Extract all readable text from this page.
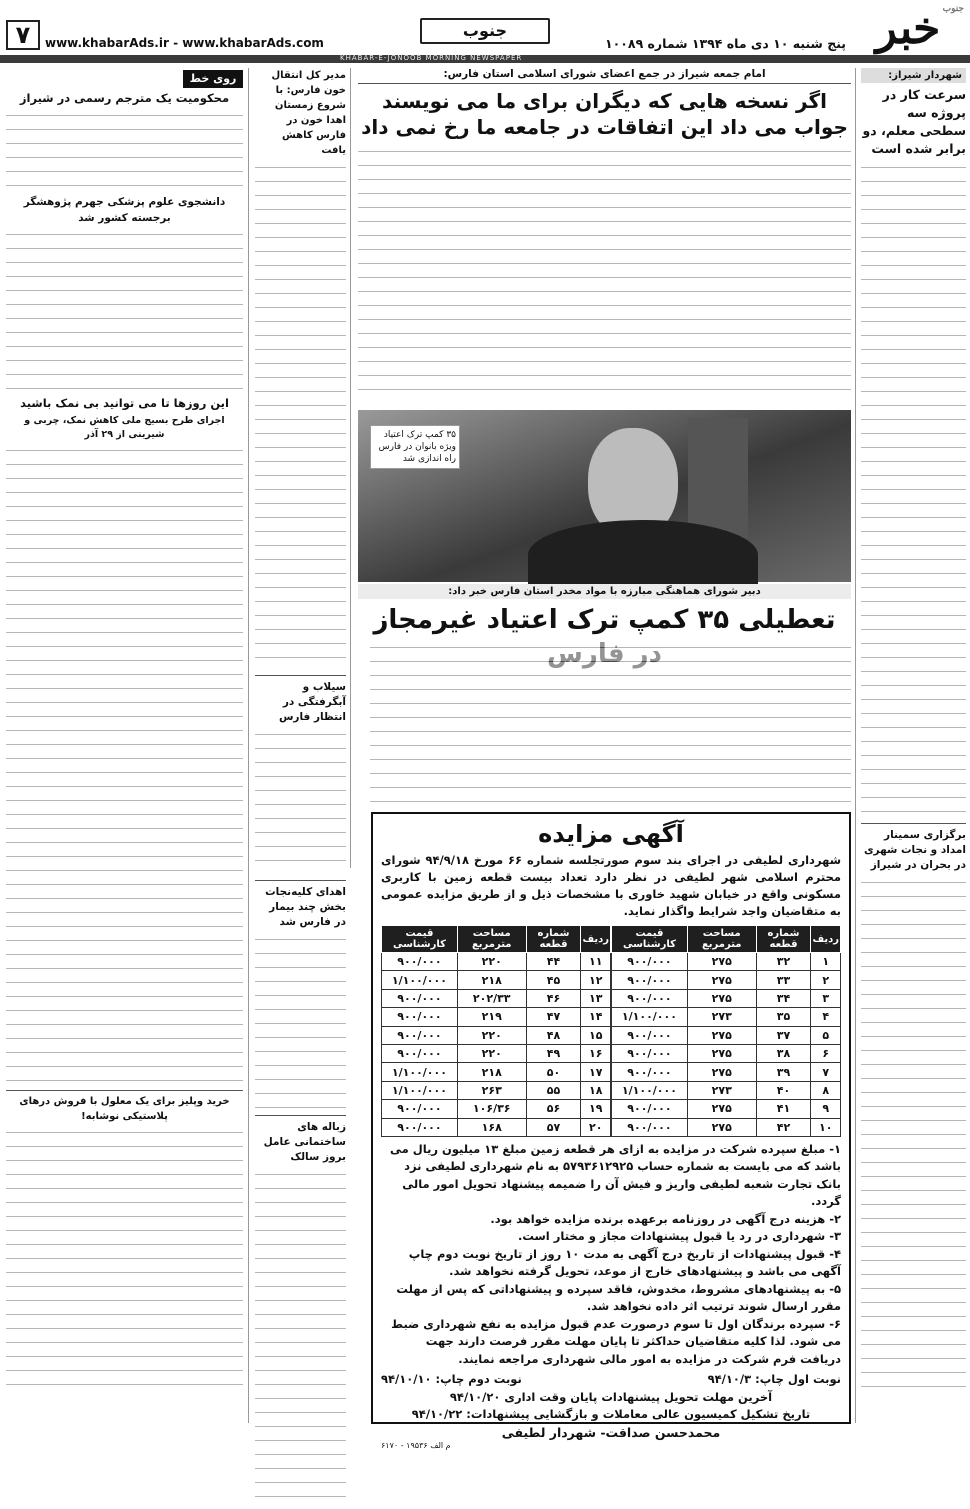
خبر جنوب
پنج شنبه ۱۰ دی ماه ۱۳۹۴ شماره ۱۰۰۸۹
جنوب
www.khabarAds.ir - www.khabarAds.com
۷
KHABAR-E-JONOOB MORNING NEWSPAPER
شهردار شیراز:
سرعت کار در پروژه سه سطحی معلم، دو برابر شده است
برگزاری سمینار امداد و نجات شهری در بحران در شیراز
امام جمعه شیراز در جمع اعضای شورای اسلامی استان فارس:
اگر نسخه هایی که دیگران برای ما می نویسند جواب می داد این اتفاقات در جامعه ما رخ نمی داد
۳۵ کمپ ترک اعتیاد ویژه بانوان در فارس راه اندازی شد
دبیر شورای هماهنگی مبارزه با مواد مخدر استان فارس خبر داد:
تعطیلی ۳۵ کمپ ترک اعتیاد غیرمجاز
مدیر کل انتقال خون فارس: با شروع زمستان اهدا خون در فارس کاهش یافت
سیلاب و آبگرفتگی در انتظار فارس
اهدای کلیه‌نجات بخش چند بیمار در فارس شد
زباله های ساختمانی عامل بروز سالک
روی خط
محکومیت یک مترجم رسمی در شیراز
دانشجوی علوم پزشکی جهرم پژوهشگر برجسته کشور شد
این روزها تا می توانید بی نمک باشید
اجرای طرح بسیج ملی کاهش نمک، چربی و شیرینی از ۲۹ آذر
خرید وپلیز برای یک معلول با فروش درهای پلاستیکی نوشابه!
آگهی مزایده
شهرداری لطیفی در اجرای بند سوم صورتجلسه شماره ۶۶ مورخ ۹۴/۹/۱۸ شورای محترم اسلامی شهر لطیفی در نظر دارد تعداد بیست قطعه زمین با کاربری مسکونی واقع در خیابان شهید خاوری با مشخصات ذیل و از طریق مزایده عمومی به متقاضیان واجد شرایط واگذار نماید.
ردیف	شماره قطعه	مساحت مترمربع	قیمت کارشناسی
۱	۳۲	۲۷۵	۹۰۰/۰۰۰
۲	۳۳	۲۷۵	۹۰۰/۰۰۰
۳	۳۴	۲۷۵	۹۰۰/۰۰۰
۴	۳۵	۲۷۳	۱/۱۰۰/۰۰۰
۵	۳۷	۲۷۵	۹۰۰/۰۰۰
۶	۳۸	۲۷۵	۹۰۰/۰۰۰
۷	۳۹	۲۷۵	۹۰۰/۰۰۰
۸	۴۰	۲۷۳	۱/۱۰۰/۰۰۰
۹	۴۱	۲۷۵	۹۰۰/۰۰۰
۱۰	۴۲	۲۷۵	۹۰۰/۰۰۰
ردیف	شماره قطعه	مساحت مترمربع	قیمت کارشناسی
۱۱	۴۴	۲۲۰	۹۰۰/۰۰۰
۱۲	۴۵	۲۱۸	۱/۱۰۰/۰۰۰
۱۳	۴۶	۲۰۲/۳۳	۹۰۰/۰۰۰
۱۴	۴۷	۲۱۹	۹۰۰/۰۰۰
۱۵	۴۸	۲۲۰	۹۰۰/۰۰۰
۱۶	۴۹	۲۲۰	۹۰۰/۰۰۰
۱۷	۵۰	۲۱۸	۱/۱۰۰/۰۰۰
۱۸	۵۵	۲۶۳	۱/۱۰۰/۰۰۰
۱۹	۵۶	۱۰۶/۳۶	۹۰۰/۰۰۰
۲۰	۵۷	۱۶۸	۹۰۰/۰۰۰
۱- مبلغ سپرده شرکت در مزایده به ازای هر قطعه زمین مبلغ ۱۳ میلیون ریال می باشد که می بایست به شماره حساب ۵۷۹۳۶۱۲۹۲۵ به نام شهرداری لطیفی نزد بانک تجارت شعبه لطیفی واریز و فیش آن را ضمیمه پیشنهاد تحویل امور مالی گردد.
۲- هزینه درج آگهی در روزنامه برعهده برنده مزایده خواهد بود.
۳- شهرداری در رد یا قبول پیشنهادات مجاز و مختار است.
۴- قبول پیشنهادات از تاریخ درج آگهی به مدت ۱۰ روز از تاریخ نوبت دوم چاپ آگهی می باشد و پیشنهادهای خارج از موعد، تحویل گرفته نخواهد شد.
۵- به پیشنهادهای مشروط، مخدوش، فاقد سپرده و پیشنهاداتی که پس از مهلت مقرر ارسال شوند ترتیب اثر داده نخواهد شد.
۶- سپرده برندگان اول تا سوم درصورت عدم قبول مزایده به نفع شهرداری ضبط می شود. لذا کلیه متقاضیان حداکثر تا پایان مهلت مقرر فرصت دارند جهت دریافت فرم شرکت در مزایده به امور مالی شهرداری مراجعه نمایند.
نوبت اول چاپ: ۹۴/۱۰/۳
نوبت دوم چاپ: ۹۴/۱۰/۱۰
آخرین مهلت تحویل پیشنهادات پایان وقت اداری ۹۴/۱۰/۲۰
تاریخ تشکیل کمیسیون عالی معاملات و بازگشایی پیشنهادات: ۹۴/۱۰/۲۲
محمدحسن صداقت- شهردار لطیفی
م الف ۱۹۵۳۶ - ۶۱۷۰
